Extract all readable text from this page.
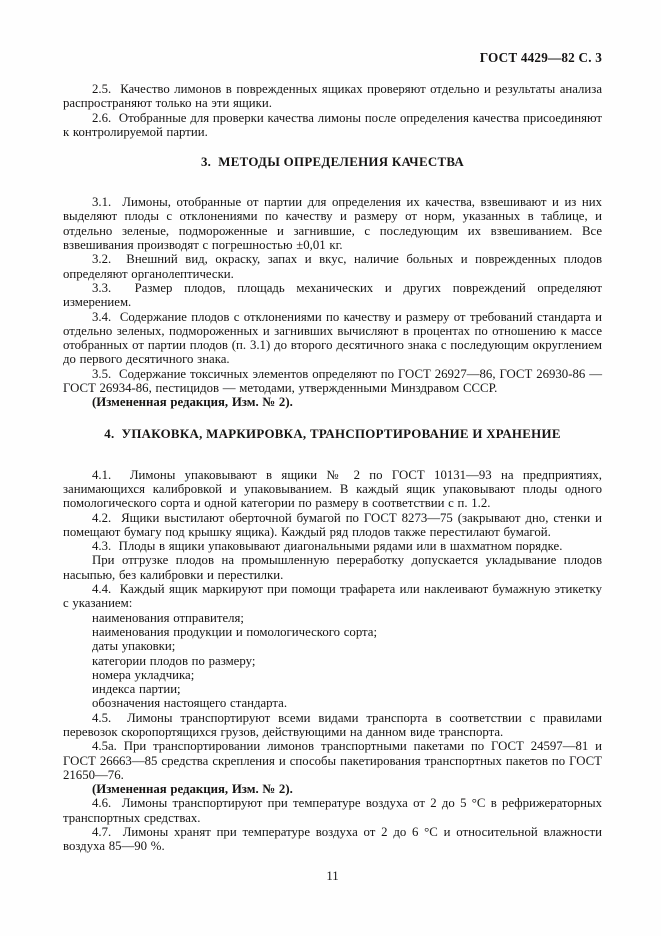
ГОСТ 4429—82 С. 3

2.5.  Качество лимонов в поврежденных ящиках проверяют отдельно и результаты анализа распространяют только на эти ящики.

2.6.  Отобранные для проверки качества лимоны после определения качества присоединяют к контролируемой партии.

3.  МЕТОДЫ ОПРЕДЕЛЕНИЯ КАЧЕСТВА

3.1.  Лимоны, отобранные от партии для определения их качества, взвешивают и из них выделяют плоды с отклонениями по качеству и размеру от норм, указанных в таблице, и отдельно зеленые, подмороженные и загнившие, с последующим их взвешиванием. Все взвешивания производят с погрешностью ±0,01 кг.

3.2.  Внешний вид, окраску, запах и вкус, наличие больных и поврежденных плодов определяют органолептически.

3.3.  Размер плодов, площадь механических и других повреждений определяют измерением.

3.4.  Содержание плодов с отклонениями по качеству и размеру от требований стандарта и отдельно зеленых, подмороженных и загнивших вычисляют в процентах по отношению к массе отобранных от партии плодов (п. 3.1) до второго десятичного знака с последующим округлением до первого десятичного знака.

3.5.  Содержание токсичных элементов определяют по ГОСТ 26927—86, ГОСТ 26930-86 — ГОСТ 26934-86, пестицидов — методами, утвержденными Минздравом СССР.

(Измененная редакция, Изм. № 2).

4.  УПАКОВКА, МАРКИРОВКА, ТРАНСПОРТИРОВАНИЕ И ХРАНЕНИЕ

4.1.  Лимоны упаковывают в ящики № 2 по ГОСТ 10131—93 на предприятиях, занимающихся калибровкой и упаковыванием. В каждый ящик упаковывают плоды одного помологического сорта и одной категории по размеру в соответствии с п. 1.2.

4.2.  Ящики выстилают оберточной бумагой по ГОСТ 8273—75 (закрывают дно, стенки и помещают бумагу под крышку ящика). Каждый ряд плодов также перестилают бумагой.

4.3.  Плоды в ящики упаковывают диагональными рядами или в шахматном порядке.

При отгрузке плодов на промышленную переработку допускается укладывание плодов насыпью, без калибровки и перестилки.

4.4.  Каждый ящик маркируют при помощи трафарета или наклеивают бумажную этикетку с указанием:

наименования отправителя;

наименования продукции и помологического сорта;

даты упаковки;

категории плодов по размеру;

номера укладчика;

индекса партии;

обозначения настоящего стандарта.

4.5.  Лимоны транспортируют всеми видами транспорта в соответствии с правилами перевозок скоропортящихся грузов, действующими на данном виде транспорта.

4.5а. При транспортировании лимонов транспортными пакетами по ГОСТ 24597—81 и ГОСТ 26663—85 средства скрепления и способы пакетирования транспортных пакетов по ГОСТ 21650—76.

(Измененная редакция, Изм. № 2).

4.6.  Лимоны транспортируют при температуре воздуха от 2 до 5 °С в рефрижераторных транспортных средствах.

4.7.  Лимоны хранят при температуре воздуха от 2 до 6 °С и относительной влажности воздуха 85—90 %.

11
